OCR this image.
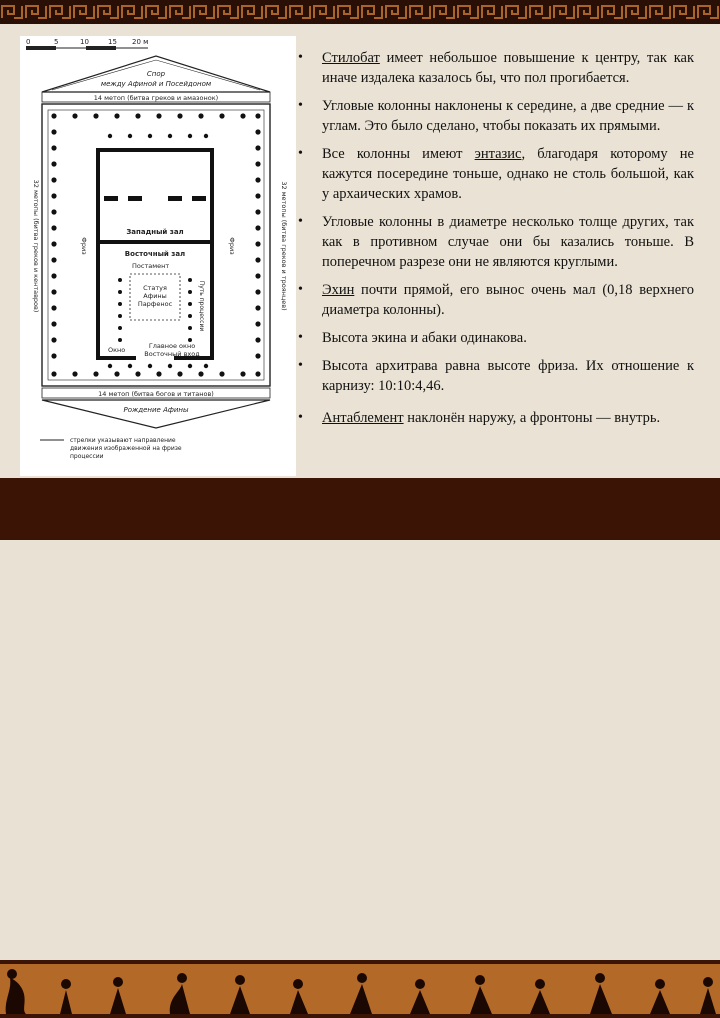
0	5	10	15 20 м
Спор
между Афиной и Посейдоном
14 метоп (битва греков и амазонок)
Западный зал
Восточный зал
Постамент
Статуя
Афины
Парфенос	Путь процессии
Окно	Главное окно
Восточный вход
32 метопы (битва греков и кентавров)	32 метопы (битва греков и троянцев)
Фриз	Фриз
14 метоп (битва богов и титанов)
Рождение Афины
стрелки указывают направление
движения изображенной на фризе
процессии
• Стилобат имеет небольшое повышение к центру, так как иначе издалека казалось бы, что пол прогибается.
• Угловые колонны наклонены к середине, а две средние — к углам. Это было сделано, чтобы показать их прямыми.
• Все колонны имеют энтазис, благодаря которому не кажутся посередине тоньше, однако не столь большой, как у архаических храмов.
• Угловые колонны в диаметре несколько толще других, так как в противном случае они бы казались тоньше. В поперечном разрезе они не являются круглыми.
• Эхин почти прямой, его вынос очень мал (0,18 верхнего диаметра колонны).
• Высота экина и абаки одинакова.
• Высота архитрава равна высоте фриза. Их отношение к карнизу: 10:10:4,46.
• Антаблемент наклонён наружу, а фронтоны — внутрь.
